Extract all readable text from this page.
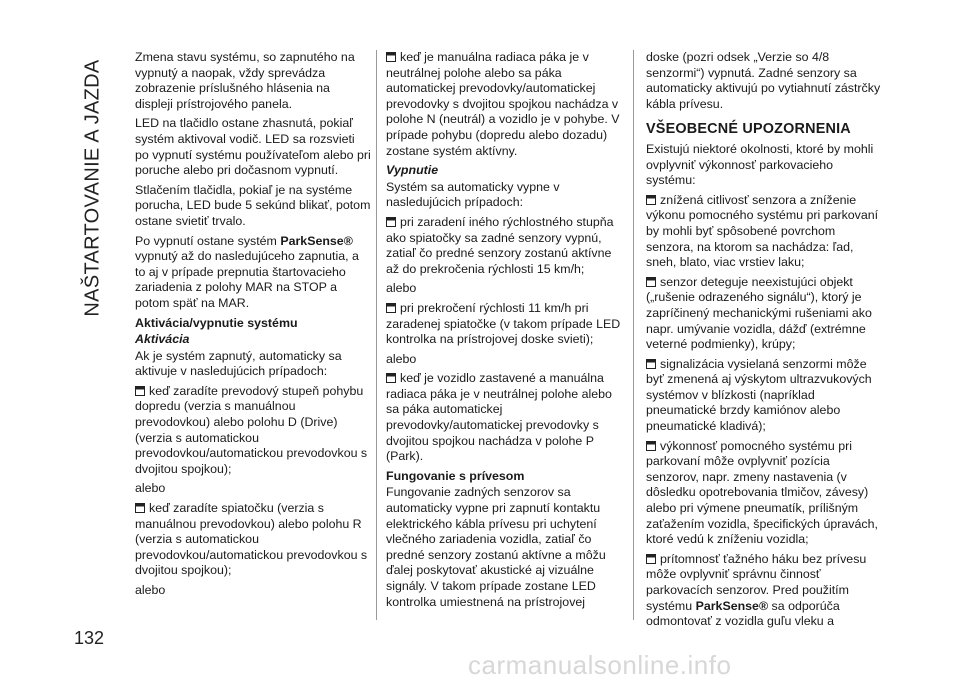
NAŠTARTOVANIE A JAZDA

Zmena stavu systému, so zapnutého na vypnutý a naopak, vždy sprevádza zobrazenie príslušného hlásenia na displeji prístrojového panela.

LED na tlačidlo ostane zhasnutá, pokiaľ systém aktivoval vodič. LED sa rozsvieti po vypnutí systému používateľom alebo pri poruche alebo pri dočasnom vypnutí.

Stlačením tlačidla, pokiaľ je na systéme porucha, LED bude 5 sekúnd blikať, potom ostane svietiť trvalo.

Po vypnutí ostane systém ParkSense® vypnutý až do nasledujúceho zapnutia, a to aj v prípade prepnutia štartovacieho zariadenia z polohy MAR na STOP a potom späť na MAR.

Aktivácia/vypnutie systému
Aktivácia

Ak je systém zapnutý, automaticky sa aktivuje v nasledujúcich prípadoch:

keď zaradíte prevodový stupeň pohybu dopredu (verzia s manuálnou prevodovkou) alebo polohu D (Drive) (verzia s automatickou prevodovkou/automatickou prevodovkou s dvojitou spojkou);

alebo

keď zaradíte spiatočku (verzia s manuálnou prevodovkou) alebo polohu R (verzia s automatickou prevodovkou/automatickou prevodovkou s dvojitou spojkou);

alebo

keď je manuálna radiaca páka je v neutrálnej polohe alebo sa páka automatickej prevodovky/automatickej prevodovky s dvojitou spojkou nachádza v polohe N (neutrál) a vozidlo je v pohybe. V prípade pohybu (dopredu alebo dozadu) zostane systém aktívny.

Vypnutie

Systém sa automaticky vypne v nasledujúcich prípadoch:

pri zaradení iného rýchlostného stupňa ako spiatočky sa zadné senzory vypnú, zatiaľ čo predné senzory zostanú aktívne až do prekročenia rýchlosti 15 km/h;

alebo

pri prekročení rýchlosti 11 km/h pri zaradenej spiatočke (v takom prípade LED kontrolka na prístrojovej doske svieti);

alebo

keď je vozidlo zastavené a manuálna radiaca páka je v neutrálnej polohe alebo sa páka automatickej prevodovky/automatickej prevodovky s dvojitou spojkou nachádza v polohe P (Park).

Fungovanie s prívesom

Fungovanie zadných senzorov sa automaticky vypne pri zapnutí kontaktu elektrického kábla prívesu pri uchytení vlečného zariadenia vozidla, zatiaľ čo predné senzory zostanú aktívne a môžu ďalej poskytovať akustické aj vizuálne signály. V takom prípade zostane LED kontrolka umiestnená na prístrojovej

doske (pozri odsek „Verzie so 4/8 senzormi“) vypnutá. Zadné senzory sa automaticky aktivujú po vytiahnutí zástrčky kábla prívesu.

VŠEOBECNÉ UPOZORNENIA

Existujú niektoré okolnosti, ktoré by mohli ovplyvniť výkonnosť parkovacieho systému:

znížená citlivosť senzora a zníženie výkonu pomocného systému pri parkovaní by mohli byť spôsobené povrchom senzora, na ktorom sa nachádza: ľad, sneh, blato, viac vrstiev laku;

senzor deteguje neexistujúci objekt („rušenie odrazeného signálu“), ktorý je zapríčinený mechanickými rušeniami ako napr. umývanie vozidla, dážď (extrémne veterné podmienky), krúpy;

signalizácia vysielaná senzormi môže byť zmenená aj výskytom ultrazvukových systémov v blízkosti (napríklad pneumatické brzdy kamiónov alebo pneumatické kladivá);

výkonnosť pomocného systému pri parkovaní môže ovplyvniť pozícia senzorov, napr. zmeny nastavenia (v dôsledku opotrebovania tlmičov, závesy) alebo pri výmene pneumatík, prílišným zaťažením vozidla, špecifických úpravách, ktoré vedú k zníženiu vozidla;

prítomnosť ťažného háku bez prívesu môže ovplyvniť správnu činnosť parkovacích senzorov. Pred použitím systému ParkSense® sa odporúča odmontovať z vozidla guľu vleku a

132
carmanualsonline.info
